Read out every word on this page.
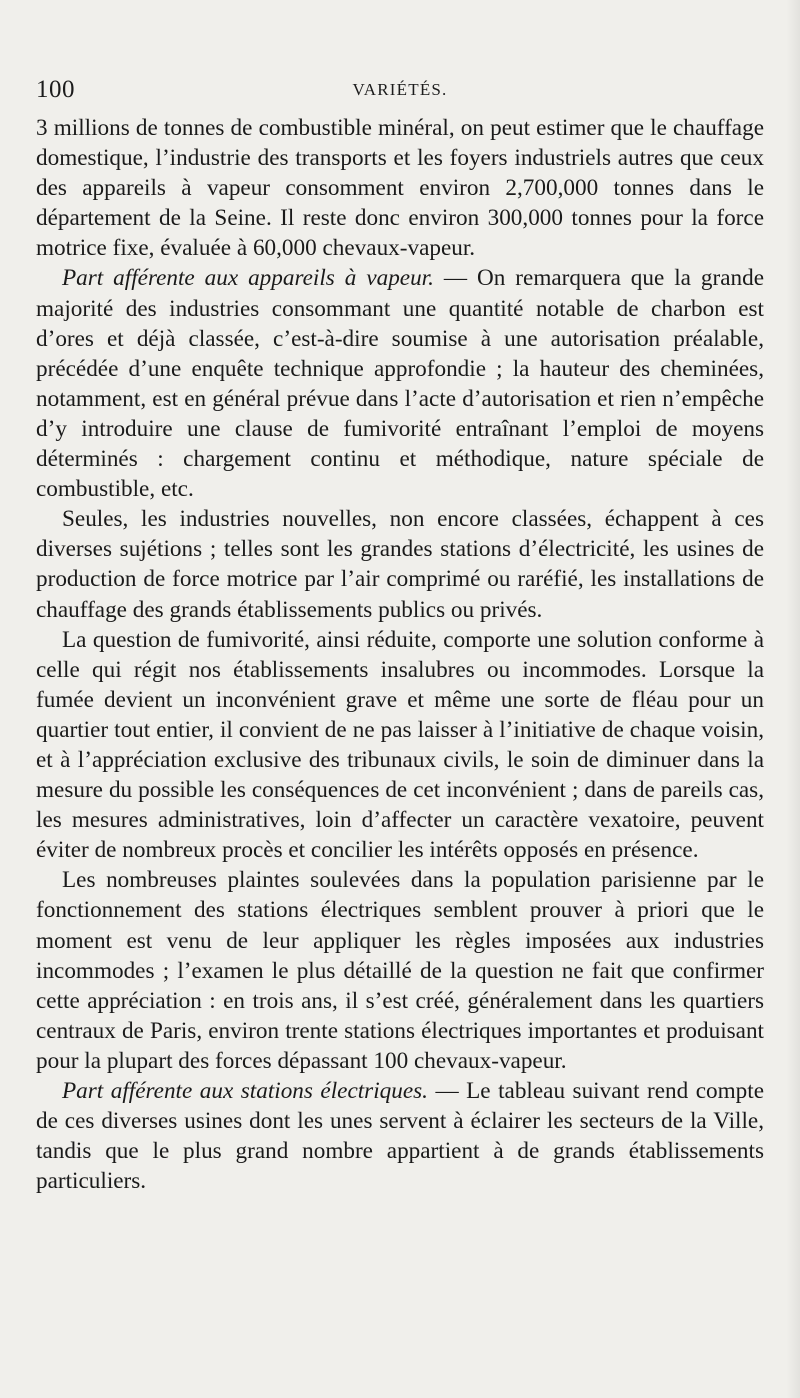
100	VARIÉTÉS.

3 millions de tonnes de combustible minéral, on peut estimer que le chauffage domestique, l’industrie des transports et les foyers industriels autres que ceux des appareils à vapeur consomment environ 2,700,000 tonnes dans le département de la Seine. Il reste donc environ 300,000 tonnes pour la force motrice fixe, évaluée à 60,000 chevaux-vapeur.

Part afférente aux appareils à vapeur. — On remarquera que la grande majorité des industries consommant une quantité notable de charbon est d’ores et déjà classée, c’est-à-dire soumise à une autorisation préalable, précédée d’une enquête technique approfondie ; la hauteur des cheminées, notamment, est en général prévue dans l’acte d’autorisation et rien n’empêche d’y introduire une clause de fumivorité entraînant l’emploi de moyens déterminés : chargement continu et méthodique, nature spéciale de combustible, etc.

Seules, les industries nouvelles, non encore classées, échappent à ces diverses sujétions ; telles sont les grandes stations d’électricité, les usines de production de force motrice par l’air comprimé ou raréfié, les installations de chauffage des grands établissements publics ou privés.

La question de fumivorité, ainsi réduite, comporte une solution conforme à celle qui régit nos établissements insalubres ou incommodes. Lorsque la fumée devient un inconvénient grave et même une sorte de fléau pour un quartier tout entier, il convient de ne pas laisser à l’initiative de chaque voisin, et à l’appréciation exclusive des tribunaux civils, le soin de diminuer dans la mesure du possible les conséquences de cet inconvénient ; dans de pareils cas, les mesures administratives, loin d’affecter un caractère vexatoire, peuvent éviter de nombreux procès et concilier les intérêts opposés en présence.

Les nombreuses plaintes soulevées dans la population parisienne par le fonctionnement des stations électriques semblent prouver à priori que le moment est venu de leur appliquer les règles imposées aux industries incommodes ; l’examen le plus détaillé de la question ne fait que confirmer cette appréciation : en trois ans, il s’est créé, généralement dans les quartiers centraux de Paris, environ trente stations électriques importantes et produisant pour la plupart des forces dépassant 100 chevaux-vapeur.

Part afférente aux stations électriques. — Le tableau suivant rend compte de ces diverses usines dont les unes servent à éclairer les secteurs de la Ville, tandis que le plus grand nombre appartient à de grands établissements particuliers.
